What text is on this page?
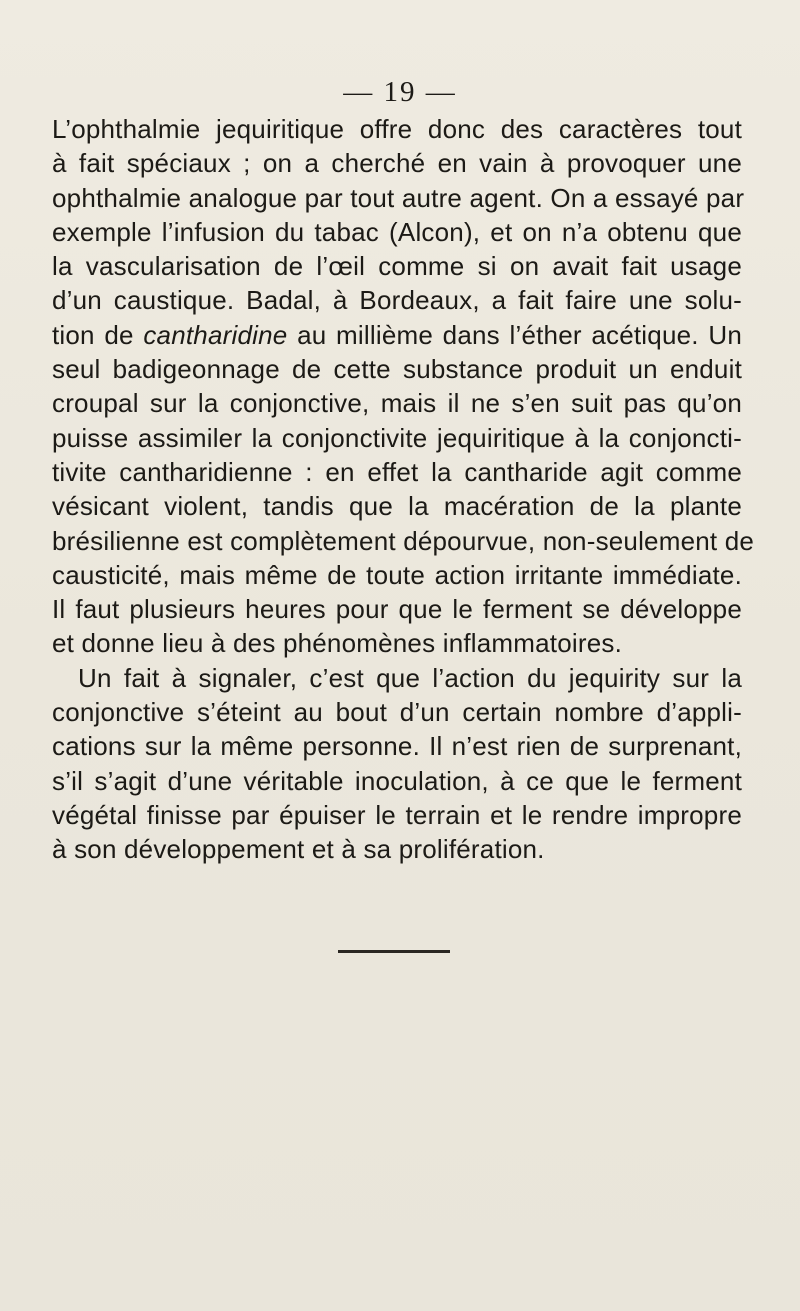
— 19 —
L’ophthalmie jequiritique offre donc des caractères tout
à fait spéciaux ; on a cherché en vain à provoquer une
ophthalmie analogue par tout autre agent. On a essayé par
exemple l’infusion du tabac (Alcon), et on n’a obtenu que
la vascularisation de l’œil comme si on avait fait usage
d’un caustique. Badal, à Bordeaux, a fait faire une solu-
tion de cantharidine au millième dans l’éther acétique. Un
seul badigeonnage de cette substance produit un enduit
croupal sur la conjonctive, mais il ne s’en suit pas qu’on
puisse assimiler la conjonctivite jequiritique à la conjoncti-
tivite cantharidienne : en effet la cantharide agit comme
vésicant violent, tandis que la macération de la plante
brésilienne est complètement dépourvue, non-seulement de
causticité, mais même de toute action irritante immédiate.
Il faut plusieurs heures pour que le ferment se développe
et donne lieu à des phénomènes inflammatoires.
Un fait à signaler, c’est que l’action du jequirity sur la
conjonctive s’éteint au bout d’un certain nombre d’appli-
cations sur la même personne. Il n’est rien de surprenant,
s’il s’agit d’une véritable inoculation, à ce que le ferment
végétal finisse par épuiser le terrain et le rendre impropre
à son développement et à sa prolifération.
